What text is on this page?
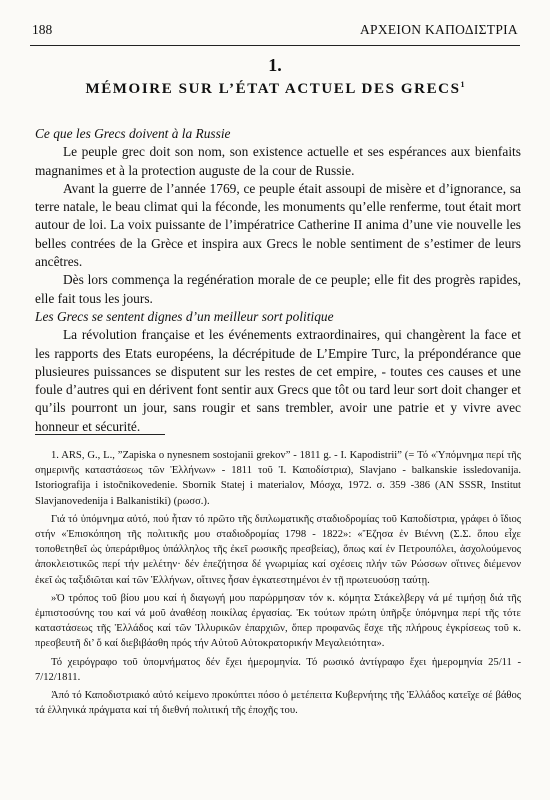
188	ΑΡΧΕΙΟΝ ΚΑΠΟΔΙΣΤΡΙΑ
1.
MÉMOIRE SUR L’ÉTAT ACTUEL DES GRECS$^1$

Ce que les Grecs doivent à la Russie

Le peuple grec doit son nom, son existence actuelle et ses espérances aux bienfaits magnanimes et à la protection auguste de la cour de Russie.

Avant la guerre de l’année 1769, ce peuple était assoupi de misère et d’ignorance, sa terre natale, le beau climat qui la féconde, les monuments qu’elle renferme, tout était mort autour de loi. La voix puissante de l’impératrice Catherine II anima d’une vie nouvelle les belles contrées de la Grèce et inspira aux Grecs le noble sentiment de s’estimer de leurs ancêtres.

Dès lors commença la regénération morale de ce peuple; elle fit des progrès rapides, elle fait tous les jours.

Les Grecs se sentent dignes d’un meilleur sort politique

La révolution française et les événements extraordinaires, qui changèrent la face et les rapports des Etats européens, la décrépitude de L’Empire Turc, la prépondérance que plusieures puissances se disputent sur les restes de cet empire, - toutes ces causes et une foule d’autres qui en dérivent font sentir aux Grecs que tôt ou tard leur sort doit changer et qu’ils pourront un jour, sans rougir et sans trembler, avoir une patrie et y vivre avec honneur et sécurité.

1. ARS, G., L., ”Zapiska o nynesnem sostojanii grekov” - 1811 g. - I. Kapodistrii” (= Τό «Ὑπόμνημα περί τῆς σημερινῆς καταστάσεως τῶν Ἑλλήνων» - 1811 τοῦ Ἰ. Καποδίστρια), Slavjano - balkanskie issledovanija. Istoriografija i istočnikovedenie. Sbornik Statej i materialov, Μόσχα, 1972. σ. 359 -386 (AN SSSR, Institut Slavjanovedenija i Balkanistiki) (ρωσσ.).

Γιά τό ὑπόμνημα αὐτό, πού ἦταν τό πρῶτο τῆς διπλωματικῆς σταδιοδρομίας τοῦ Καποδίστρια, γράφει ὁ ἴδιος στήν «Ἐπισκόπηση τῆς πολιτικῆς μου σταδιοδρομίας 1798 - 1822»: «Ἔζησα ἐν Βιέννη (Σ.Σ. ὅπου εἶχε τοποθετηθεῖ ὡς ὑπεράριθμος ὑπάλληλος τῆς ἐκεῖ ρωσικῆς πρεσβείας), ὅπως καί ἐν Πετρουπόλει, ἀσχολούμενος ἀποκλειστικῶς περί τήν μελέτην· δέν ἐπεζήτησα δέ γνωριμίας καί σχέσεις πλήν τῶν Ρώσσων οἵτινες διέμενον ἐκεῖ ὡς ταξιδιῶται καί τῶν Ἑλλήνων, οἵτινες ἦσαν ἐγκατεστημένοι ἐν τῇ πρωτευούσῃ ταύτῃ.

»Ὁ τρόπος τοῦ βίου μου καί ἡ διαγωγή μου παρώρμησαν τόν κ. κόμητα Στάκελβεργ νά μέ τιμήσῃ διά τῆς ἐμπιστοσύνης του καί νά μοῦ ἀναθέσῃ ποικίλας ἐργασίας. Ἐκ τούτων πρώτη ὑπῆρξε ὑπόμνημα περί τῆς τότε καταστάσεως τῆς Ἑλλάδος καί τῶν Ἰλλυρικῶν ἐπαρχιῶν, ὅπερ προφανῶς ἔσχε τῆς πλήρους ἐγκρίσεως τοῦ κ. πρεσβευτῆ δι’ ὅ καί διεβιβάσθη πρός τήν Αὐτοῦ Αὐτοκρατορικήν Μεγαλειότητα».

Τό χειρόγραφο τοῦ ὑπομνήματος δέν ἔχει ἡμερομηνία. Τό ρωσικό ἀντίγραφο ἔχει ἡμερομηνία 25/11 - 7/12/1811.

Ἀπό τό Καποδιστριακό αὐτό κείμενο προκύπτει πόσο ὁ μετέπειτα Κυβερνήτης τῆς Ἑλλάδος κατεῖχε σέ βάθος τά ἑλληνικά πράγματα καί τή διεθνή πολιτική τῆς ἐποχῆς του.
